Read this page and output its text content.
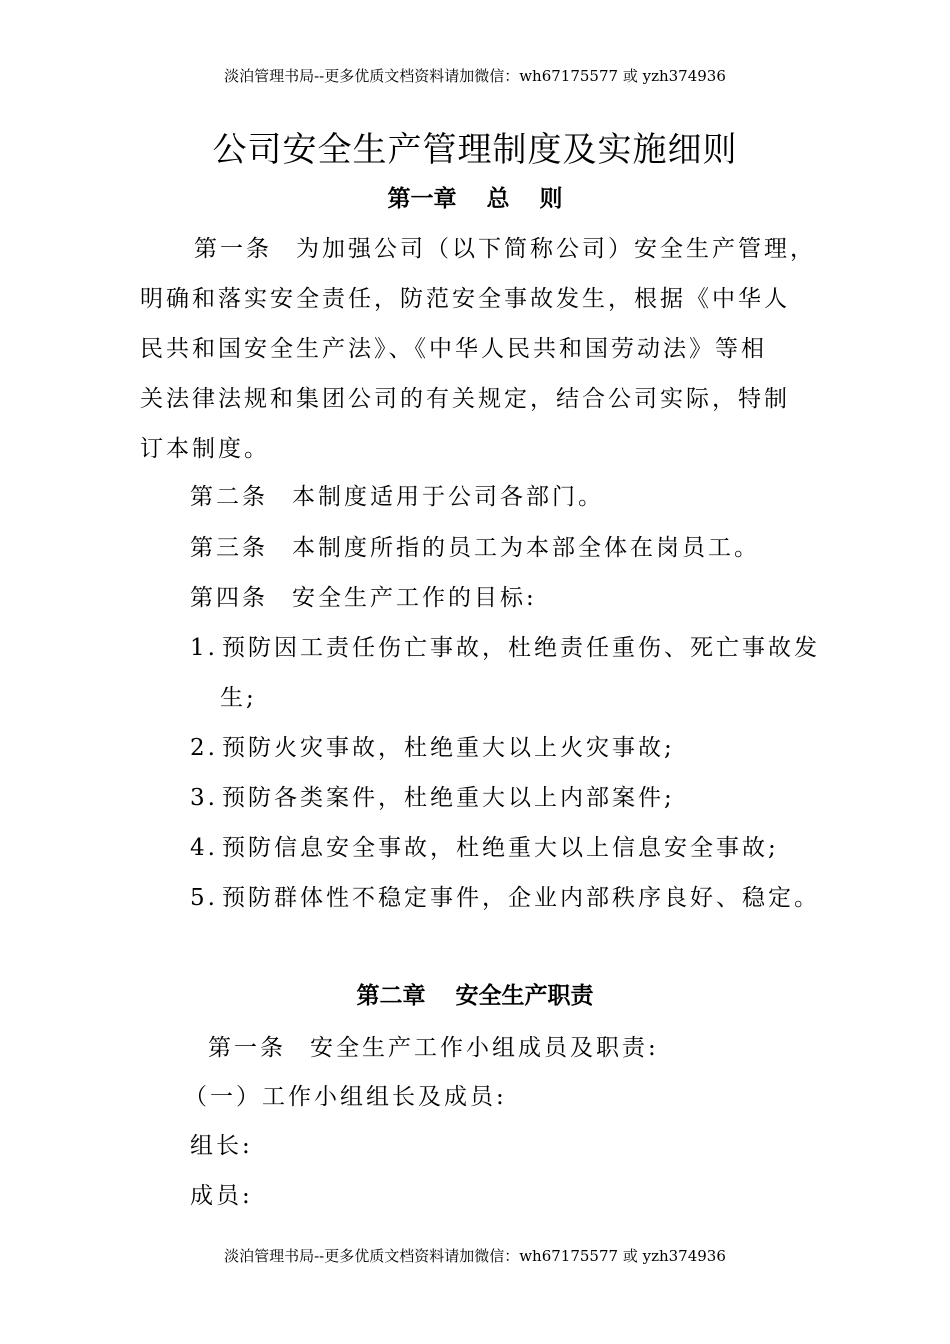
淡泊管理书局--更多优质文档资料请加微信：wh67175577 或 yzh374936
公司安全生产管理制度及实施细则
第一章 总 则
第一条 为加强公司（以下简称公司）安全生产管理，
明确和落实安全责任，防范安全事故发生，根据《中华人
民共和国安全生产法》、《中华人民共和国劳动法》等相
关法律法规和集团公司的有关规定，结合公司实际，特制
订本制度。
第二条 本制度适用于公司各部门。
第三条 本制度所指的员工为本部全体在岗员工。
第四条 安全生产工作的目标:
1. 预防因工责任伤亡事故，杜绝责任重伤、死亡事故发
生;
2. 预防火灾事故，杜绝重大以上火灾事故;
3. 预防各类案件，杜绝重大以上内部案件;
4. 预防信息安全事故，杜绝重大以上信息安全事故;
5. 预防群体性不稳定事件，企业内部秩序良好、稳定。
第二章 安全生产职责
第一条 安全生产工作小组成员及职责:
（一）工作小组组长及成员:
组长:
成员:
淡泊管理书局--更多优质文档资料请加微信：wh67175577 或 yzh374936
